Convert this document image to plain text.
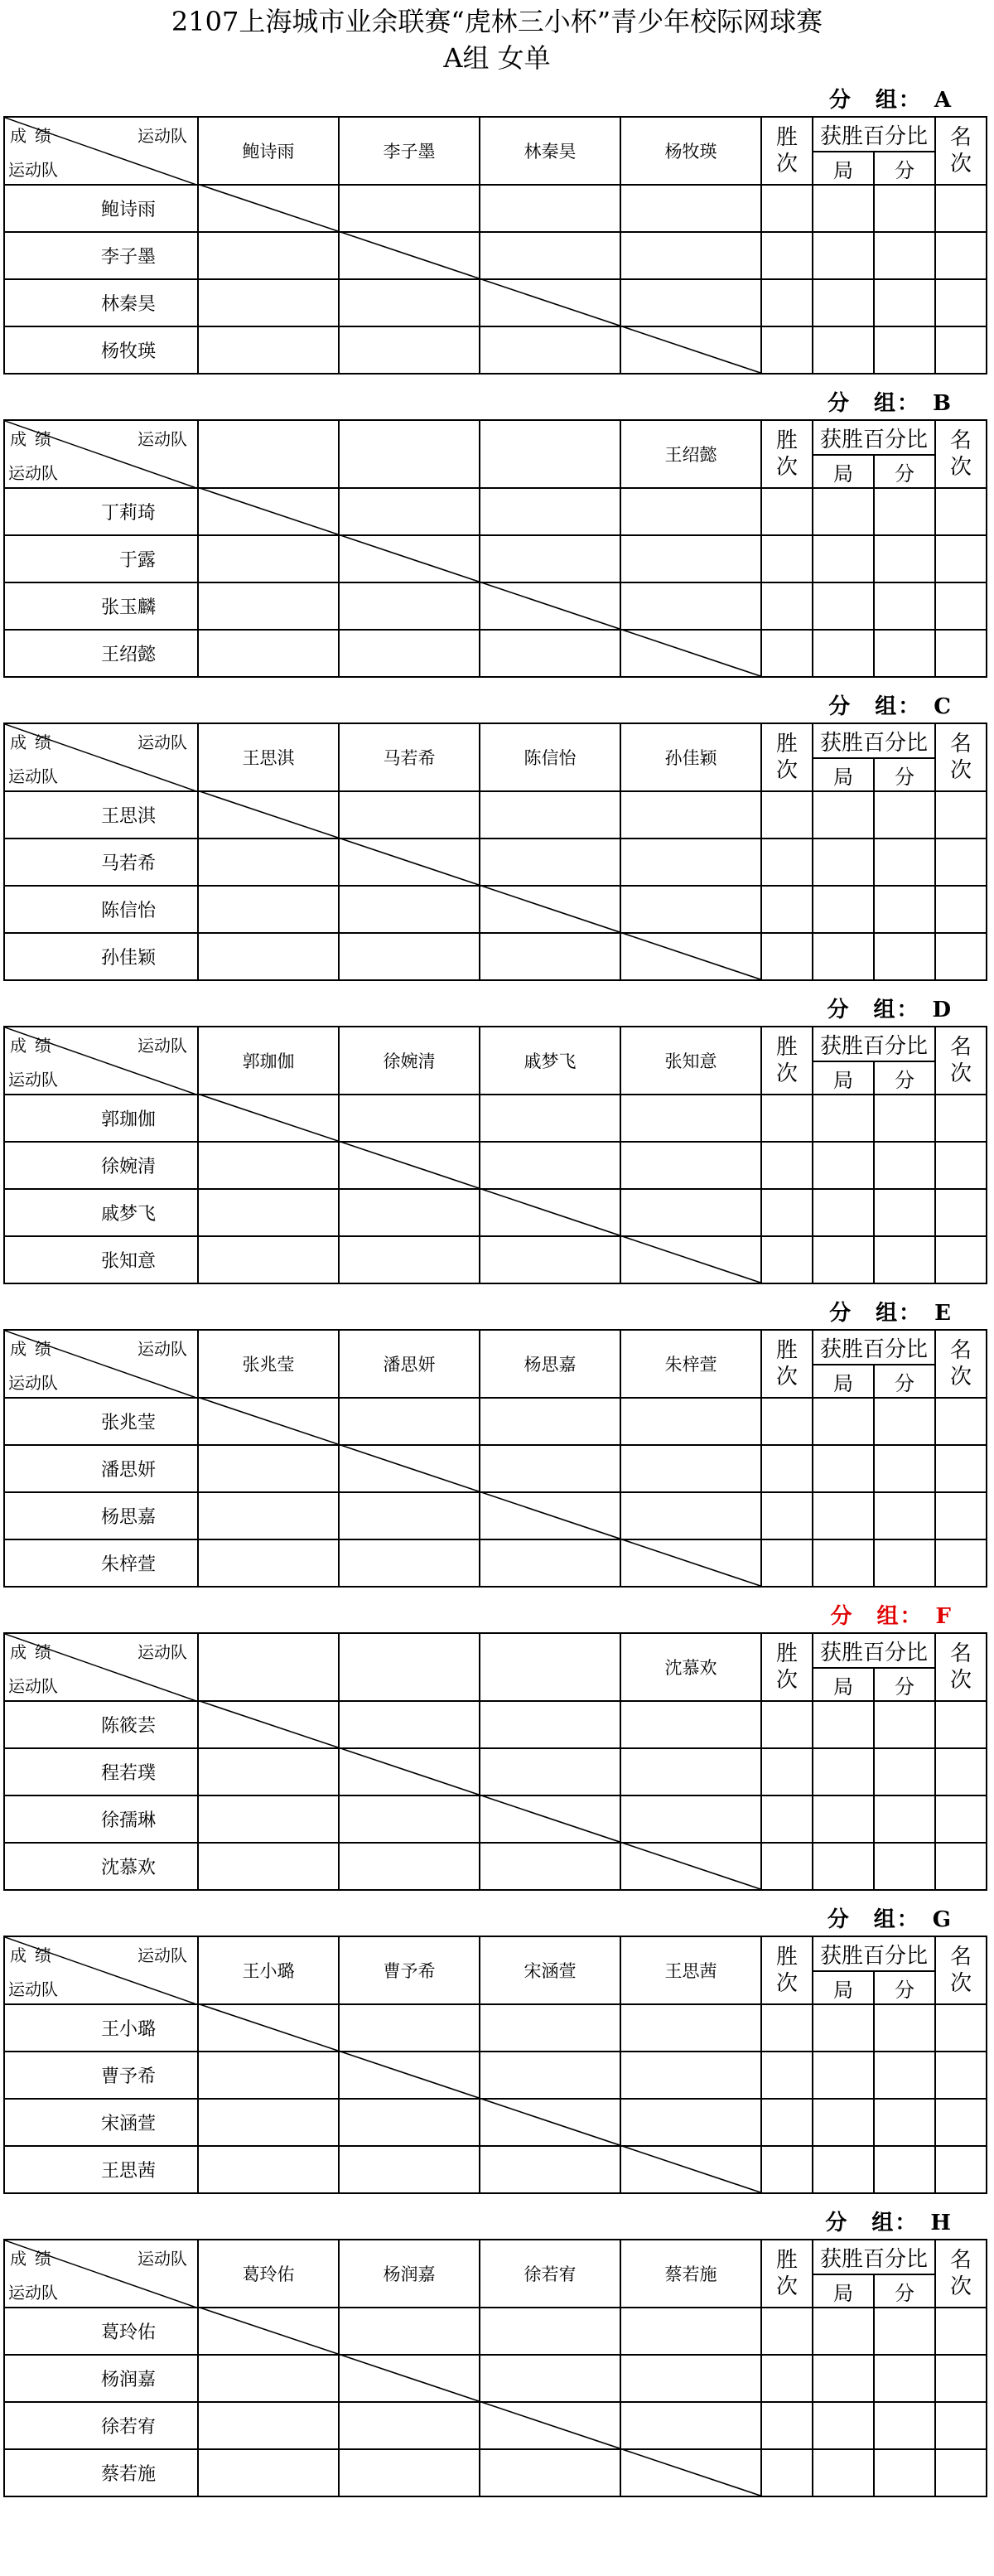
2107上海城市业余联赛“虎林三小杯”青少年校际网球赛
A组 女单
分　组：　A
成绩 运动队
运动队	鲍诗雨	李子墨	林秦昊	杨牧瑛	胜次	获胜百分比		名次
						局	分	
鲍诗雨								
李子墨								
林秦昊								
杨牧瑛								
分　组：　B
成绩 运动队
运动队				王绍懿	胜次	获胜百分比		名次
						局	分	
丁莉琦								
于露								
张玉麟								
王绍懿								
分　组：　C
成绩 运动队
运动队	王思淇	马若希	陈信怡	孙佳颖	胜次	获胜百分比		名次
						局	分	
王思淇								
马若希								
陈信怡								
孙佳颖								
分　组：　D
成绩 运动队
运动队	郭珈伽	徐婉清	戚梦飞	张知意	胜次	获胜百分比		名次
						局	分	
郭珈伽								
徐婉清								
戚梦飞								
张知意								
分　组：　E
成绩 运动队
运动队	张兆莹	潘思妍	杨思嘉	朱梓萱	胜次	获胜百分比		名次
						局	分	
张兆莹								
潘思妍								
杨思嘉								
朱梓萱								
分　组：　F
成绩 运动队
运动队				沈慕欢	胜次	获胜百分比		名次
						局	分	
陈筱芸								
程若璞								
徐孺琳								
沈慕欢								
分　组：　G
成绩 运动队
运动队	王小璐	曹予希	宋涵萱	王思茜	胜次	获胜百分比		名次
						局	分	
王小璐								
曹予希								
宋涵萱								
王思茜								
分　组：　H
成绩 运动队
运动队	葛玲佑	杨润嘉	徐若宥	蔡若施	胜次	获胜百分比		名次
						局	分	
葛玲佑								
杨润嘉								
徐若宥								
蔡若施								
